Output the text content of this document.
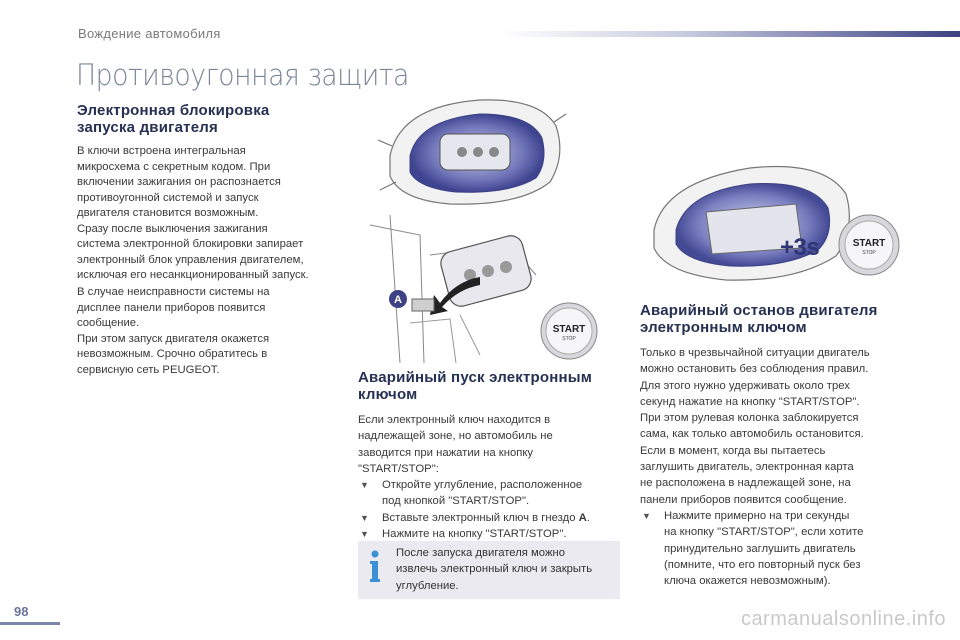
Вождение автомобиля
Противоугонная защита
Электронная блокировка
запуска двигателя
В ключи встроена интегральная
микросхема с секретным кодом. При
включении зажигания он распознается
противоугонной системой и запуск
двигателя становится возможным.
Сразу после выключения зажигания
система электронной блокировки запирает
электронный блок управления двигателем,
исключая его несанкционированный запуск.
В случае неисправности системы на
дисплее панели приборов появится
сообщение.
При этом запуск двигателя окажется
невозможным. Срочно обратитесь в
сервисную сеть PEUGEOT.
A
START
STOP
START
STOP
+3s
Аварийный пуск электронным
ключом
Если электронный ключ находится в
надлежащей зоне, но автомобиль не
заводится при нажатии на кнопку
"START/STOP":
▼ Откройте углубление, расположенное
под кнопкой "START/STOP".
▼ Вставьте электронный ключ в гнездо A.
▼ Нажмите на кнопку "START/STOP".
После запуска двигателя можно
извлечь электронный ключ и закрыть
углубление.
Аварийный останов двигателя
электронным ключом
Только в чрезвычайной ситуации двигатель
можно остановить без соблюдения правил.
Для этого нужно удерживать около трех
секунд нажатие на кнопку "START/STOP".
При этом рулевая колонка заблокируется
сама, как только автомобиль остановится.
Если в момент, когда вы пытаетесь
заглушить двигатель, электронная карта
не расположена в надлежащей зоне, на
панели приборов появится сообщение.
▼ Нажмите примерно на три секунды
на кнопку "START/STOP", если хотите
принудительно заглушить двигатель
(помните, что его повторный пуск без
ключа окажется невозможным).
98	carmanualsonline.info
